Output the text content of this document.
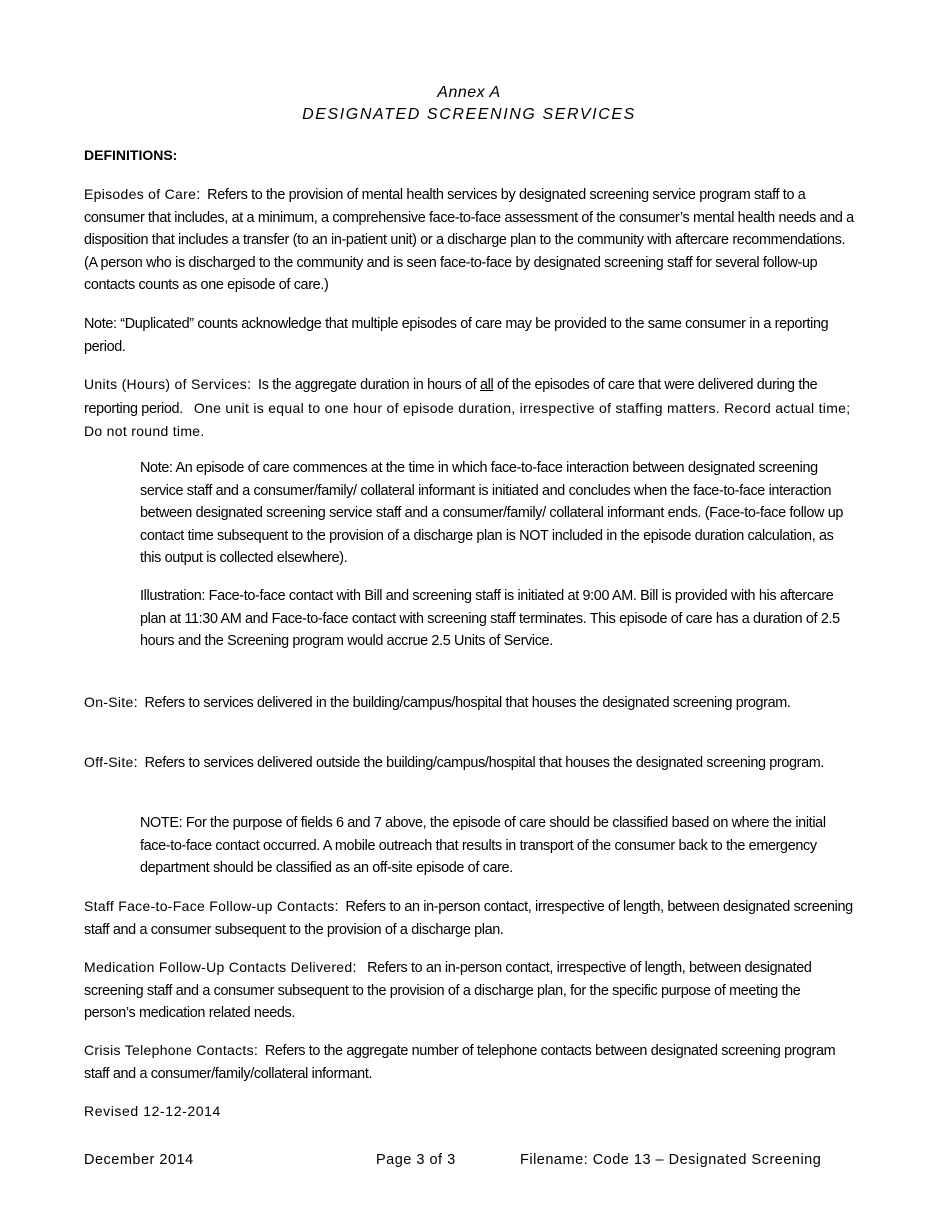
Annex A
DESIGNATED SCREENING SERVICES
DEFINITIONS:
Episodes of Care:  Refers to the provision of mental health services by designated screening service program staff to a consumer that includes, at a minimum, a comprehensive face-to-face assessment of the consumer’s mental health needs and a disposition that includes a transfer (to an in-patient unit) or a discharge plan to the community with aftercare recommendations. (A person who is discharged to the community and is seen face-to-face by designated screening staff for several follow-up contacts counts as one episode of care.)
Note: “Duplicated” counts acknowledge that multiple episodes of care may be provided to the same consumer in a reporting period.
Units (Hours) of Services:  Is the aggregate duration in hours of all of the episodes of care that were delivered during the reporting period. One unit is equal to one hour of episode duration, irrespective of staffing matters. Record actual time; Do not round time.
Note: An episode of care commences at the time in which face-to-face interaction between designated screening service staff and a consumer/family/ collateral informant is initiated and concludes when the face-to-face interaction between designated screening service staff and a consumer/family/ collateral informant ends. (Face-to-face follow up contact time subsequent to the provision of a discharge plan is NOT included in the episode duration calculation, as this output is collected elsewhere).
Illustration: Face-to-face contact with Bill and screening staff is initiated at 9:00 AM. Bill is provided with his aftercare plan at 11:30 AM and Face-to-face contact with screening staff terminates. This episode of care has a duration of 2.5 hours and the Screening program would accrue 2.5 Units of Service.
On-Site:  Refers to services delivered in the building/campus/hospital that houses the designated screening program.
Off-Site:  Refers to services delivered outside the building/campus/hospital that houses the designated screening program.
NOTE: For the purpose of fields 6 and 7 above, the episode of care should be classified based on where the initial face-to-face contact occurred. A mobile outreach that results in transport of the consumer back to the emergency department should be classified as an off-site episode of care.
Staff Face-to-Face Follow-up Contacts:  Refers to an in-person contact, irrespective of length, between designated screening staff and a consumer subsequent to the provision of a discharge plan.
Medication Follow-Up Contacts Delivered:   Refers to an in-person contact, irrespective of length, between designated screening staff and a consumer subsequent to the provision of a discharge plan, for the specific purpose of meeting the person’s medication related needs.
Crisis Telephone Contacts:  Refers to the aggregate number of telephone contacts between designated screening program staff and a consumer/family/collateral informant.
Revised 12-12-2014
December 2014	Page 3 of 3	Filename: Code 13 – Designated Screening
